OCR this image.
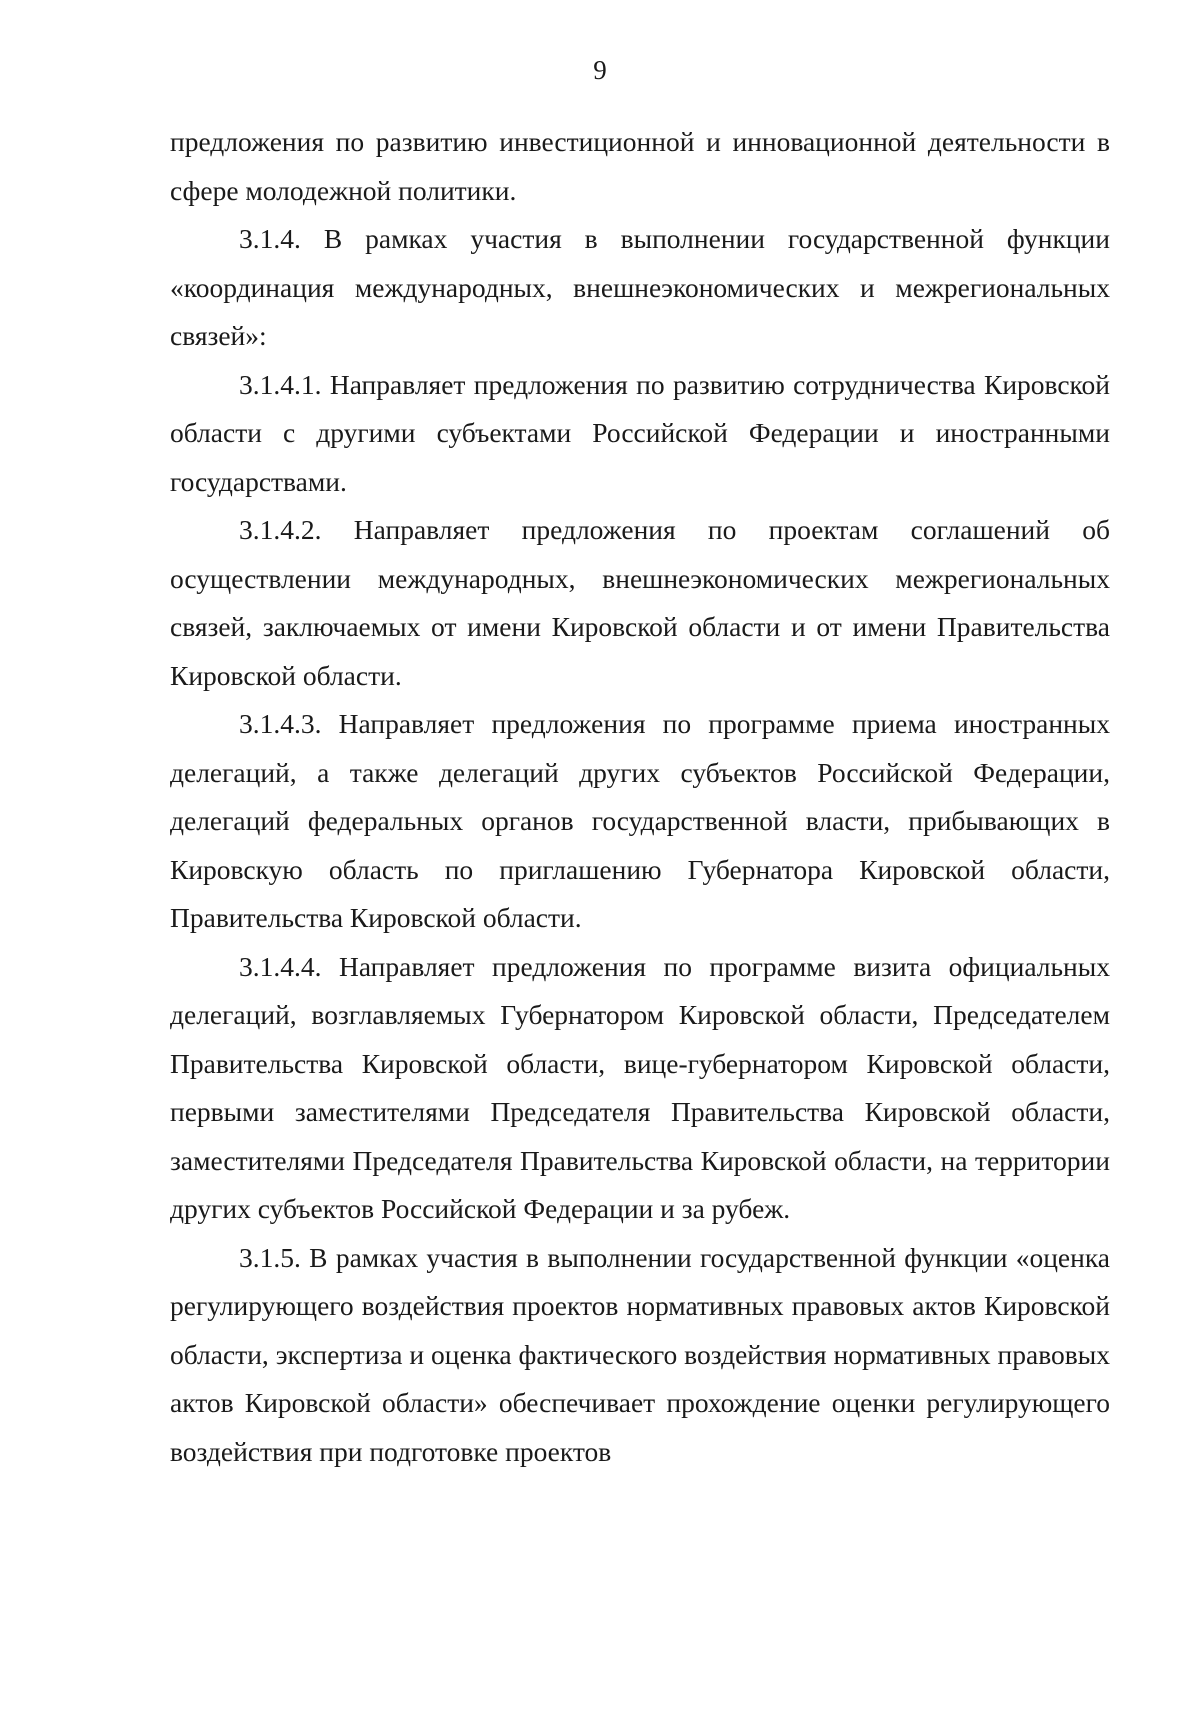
9

предложения по развитию инвестиционной и инновационной деятельности в сфере молодежной политики.

3.1.4. В рамках участия в выполнении государственной функции «координация международных, внешнеэкономических и межрегиональных связей»:

3.1.4.1. Направляет предложения по развитию сотрудничества Кировской области с другими субъектами Российской Федерации и иностранными государствами.

3.1.4.2. Направляет предложения по проектам соглашений об осуществлении международных, внешнеэкономических межрегиональных связей, заключаемых от имени Кировской области и от имени Правительства Кировской области.

3.1.4.3. Направляет предложения по программе приема иностранных делегаций, а также делегаций других субъектов Российской Федерации, делегаций федеральных органов государственной власти, прибывающих в Кировскую область по приглашению Губернатора Кировской области, Правительства Кировской области.

3.1.4.4. Направляет предложения по программе визита официальных делегаций, возглавляемых Губернатором Кировской области, Председателем Правительства Кировской области, вице-губернатором Кировской области, первыми заместителями Председателя Правительства Кировской области, заместителями Председателя Правительства Кировской области, на территории других субъектов Российской Федерации и за рубеж.

3.1.5. В рамках участия в выполнении государственной функции «оценка регулирующего воздействия проектов нормативных правовых актов Кировской области, экспертиза и оценка фактического воздействия нормативных правовых актов Кировской области» обеспечивает прохождение оценки регулирующего воздействия при подготовке проектов
